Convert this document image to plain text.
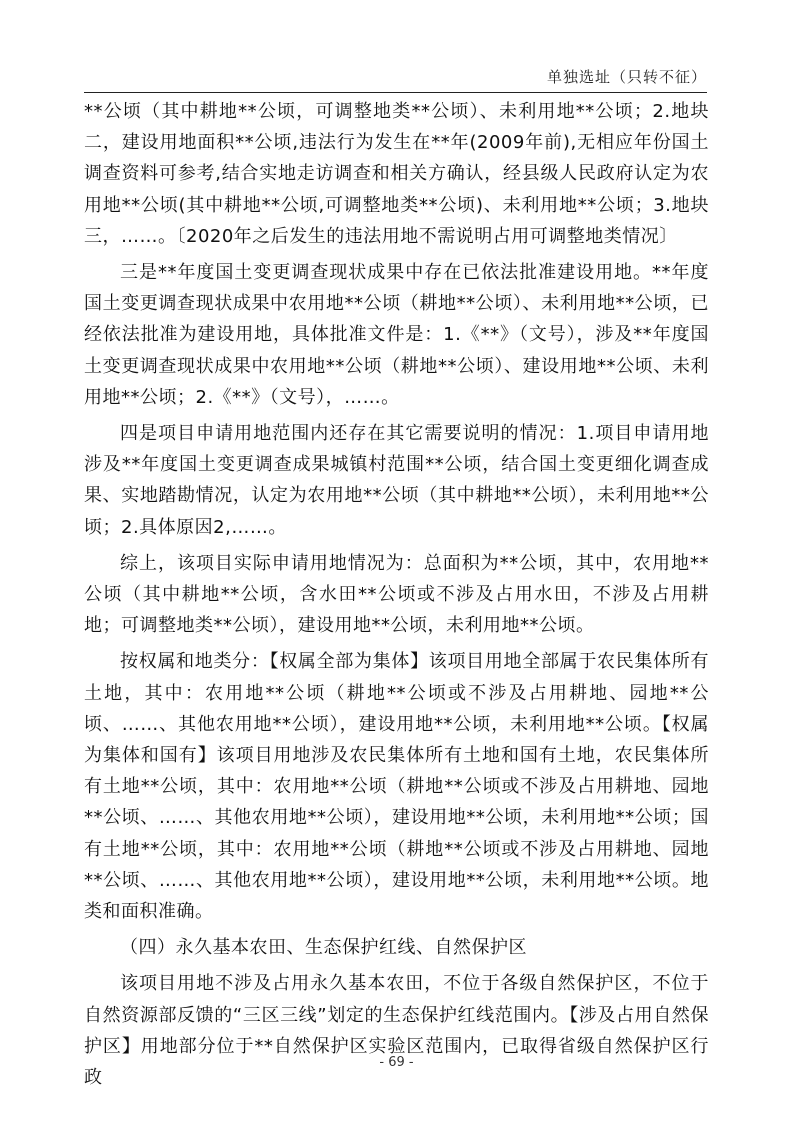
单独选址（只转不征）

**公顷（其中耕地**公顷，可调整地类**公顷）、未利用地**公顷；2.地块二，建设用地面积**公顷,违法行为发生在**年(2009年前),无相应年份国土调查资料可参考,结合实地走访调查和相关方确认，经县级人民政府认定为农用地**公顷(其中耕地**公顷,可调整地类**公顷)、未利用地**公顷；3.地块三，……。〔2020年之后发生的违法用地不需说明占用可调整地类情况〕

三是**年度国土变更调查现状成果中存在已依法批准建设用地。**年度国土变更调查现状成果中农用地**公顷（耕地**公顷）、未利用地**公顷，已经依法批准为建设用地，具体批准文件是：1.《**》（文号），涉及**年度国土变更调查现状成果中农用地**公顷（耕地**公顷）、建设用地**公顷、未利用地**公顷；2.《**》（文号），……。

四是项目申请用地范围内还存在其它需要说明的情况：1.项目申请用地涉及**年度国土变更调查成果城镇村范围**公顷，结合国土变更细化调查成果、实地踏勘情况，认定为农用地**公顷（其中耕地**公顷），未利用地**公顷；2.具体原因2,……。

综上，该项目实际申请用地情况为：总面积为**公顷，其中，农用地**公顷（其中耕地**公顷，含水田**公顷或不涉及占用水田，不涉及占用耕地；可调整地类**公顷），建设用地**公顷，未利用地**公顷。

按权属和地类分：【权属全部为集体】该项目用地全部属于农民集体所有土地，其中：农用地**公顷（耕地**公顷或不涉及占用耕地、园地**公顷、……、其他农用地**公顷），建设用地**公顷，未利用地**公顷。【权属为集体和国有】该项目用地涉及农民集体所有土地和国有土地，农民集体所有土地**公顷，其中：农用地**公顷（耕地**公顷或不涉及占用耕地、园地**公顷、……、其他农用地**公顷），建设用地**公顷，未利用地**公顷；国有土地**公顷，其中：农用地**公顷（耕地**公顷或不涉及占用耕地、园地**公顷、……、其他农用地**公顷），建设用地**公顷，未利用地**公顷。地类和面积准确。

（四）永久基本农田、生态保护红线、自然保护区

该项目用地不涉及占用永久基本农田，不位于各级自然保护区，不位于自然资源部反馈的“三区三线”划定的生态保护红线范围内。【涉及占用自然保护区】用地部分位于**自然保护区实验区范围内，已取得省级自然保护区行政

- 69 -
